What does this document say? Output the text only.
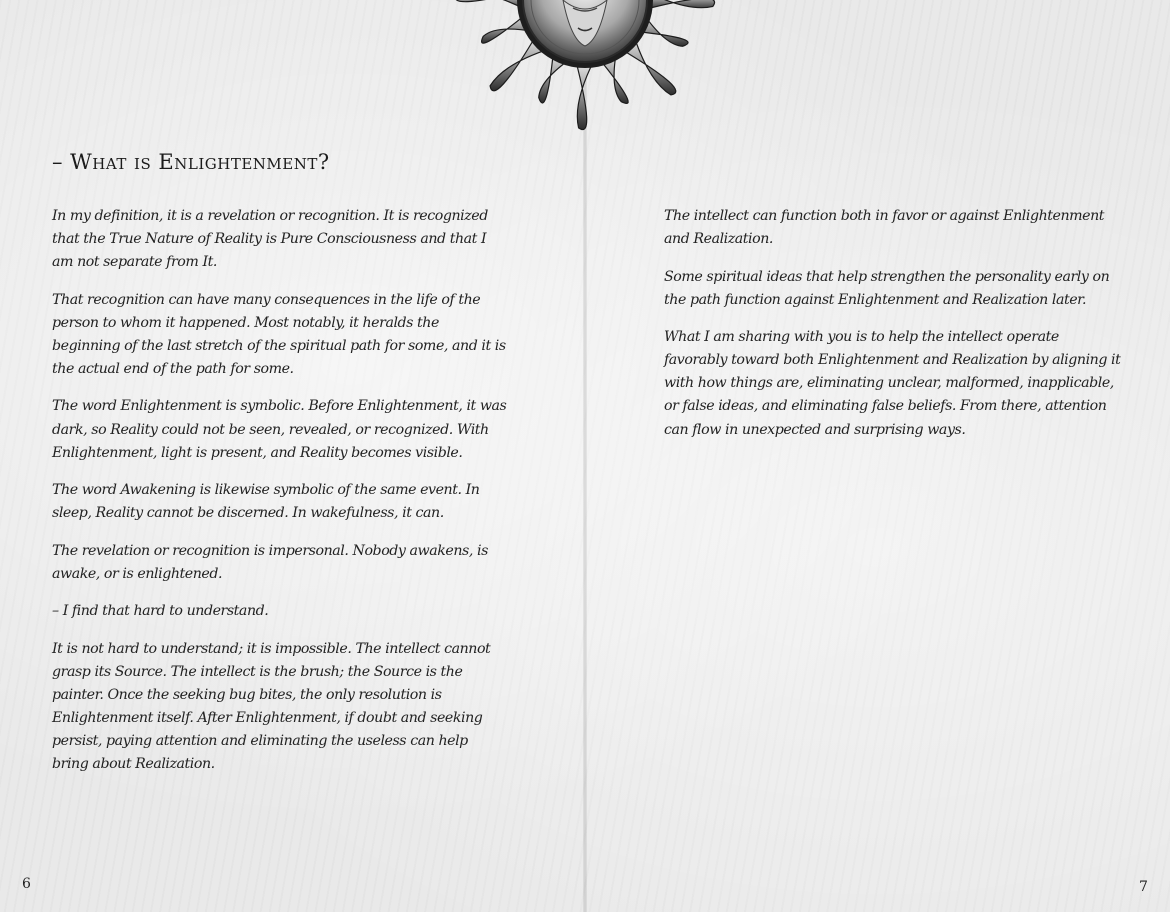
– What is Enlightenment?

In my definition, it is a revelation or recognition. It is recognized that the True Nature of Reality is Pure Consciousness and that I am not separate from It.

That recognition can have many consequences in the life of the person to whom it happened. Most notably, it heralds the beginning of the last stretch of the spiritual path for some, and it is the actual end of the path for some.

The word Enlightenment is symbolic. Before Enlightenment, it was dark, so Reality could not be seen, revealed, or recognized. With Enlightenment, light is present, and Reality becomes visible.

The word Awakening is likewise symbolic of the same event. In sleep, Reality cannot be discerned. In wakefulness, it can.

The revelation or recognition is impersonal. Nobody awakens, is awake, or is enlightened.

– I find that hard to understand.

It is not hard to understand; it is impossible. The intellect cannot grasp its Source. The intellect is the brush; the Source is the painter. Once the seeking bug bites, the only resolution is Enlightenment itself. After Enlightenment, if doubt and seeking persist, paying attention and eliminating the useless can help bring about Realization.

6

The intellect can function both in favor or against Enlightenment and Realization.

Some spiritual ideas that help strengthen the personality early on the path function against Enlightenment and Realization later.

What I am sharing with you is to help the intellect operate favorably toward both Enlightenment and Realization by aligning it with how things are, eliminating unclear, malformed, inapplicable, or false ideas, and eliminating false beliefs. From there, attention can flow in unexpected and surprising ways.

7
